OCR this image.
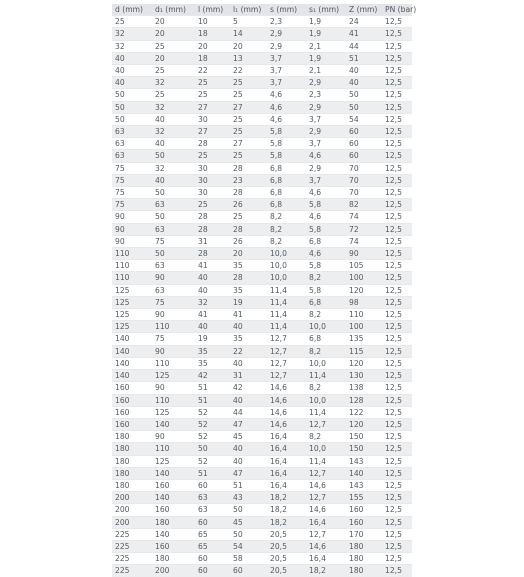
d (mm)	d₁ (mm)	l (mm)	l₁ (mm)	s (mm)	s₁ (mm)	Z (mm)	PN (bar)
25	20	10	5	2,3	1,9	24	12,5
32	20	18	14	2,9	1,9	41	12,5
32	25	20	20	2,9	2,1	44	12,5
40	20	18	13	3,7	1,9	51	12,5
40	25	22	22	3,7	2,1	40	12,5
40	32	25	25	3,7	2,9	40	12,5
50	25	25	25	4,6	2,3	50	12,5
50	32	27	27	4,6	2,9	50	12,5
50	40	30	25	4,6	3,7	54	12,5
63	32	27	25	5,8	2,9	60	12,5
63	40	28	27	5,8	3,7	60	12,5
63	50	25	25	5,8	4,6	60	12,5
75	32	30	28	6,8	2,9	70	12,5
75	40	30	23	6,8	3,7	70	12,5
75	50	30	28	6,8	4,6	70	12,5
75	63	25	26	6,8	5,8	82	12,5
90	50	28	25	8,2	4,6	74	12,5
90	63	28	28	8,2	5,8	72	12,5
90	75	31	26	8,2	6,8	74	12,5
110	50	28	20	10,0	4,6	90	12,5
110	63	41	35	10,0	5,8	105	12,5
110	90	40	28	10,0	8,2	100	12,5
125	63	40	35	11,4	5,8	120	12,5
125	75	32	19	11,4	6,8	98	12,5
125	90	41	41	11,4	8,2	110	12,5
125	110	40	40	11,4	10,0	100	12,5
140	75	19	35	12,7	6,8	135	12,5
140	90	35	22	12,7	8,2	115	12,5
140	110	35	40	12,7	10,0	120	12,5
140	125	42	31	12,7	11,4	130	12,5
160	90	51	42	14,6	8,2	138	12,5
160	110	51	40	14,6	10,0	128	12,5
160	125	52	44	14,6	11,4	122	12,5
160	140	52	47	14,6	12,7	120	12,5
180	90	52	45	16,4	8,2	150	12,5
180	110	50	40	16,4	10,0	150	12,5
180	125	52	40	16,4	11,4	143	12,5
180	140	51	47	16,4	12,7	140	12,5
180	160	60	51	16,4	14,6	143	12,5
200	140	63	43	18,2	12,7	155	12,5
200	160	63	50	18,2	14,6	160	12,5
200	180	60	45	18,2	16,4	160	12,5
225	140	65	50	20,5	12,7	170	12,5
225	160	65	54	20,5	14,6	180	12,5
225	180	60	58	20,5	16,4	180	12,5
225	200	60	60	20,5	18,2	180	12,5
